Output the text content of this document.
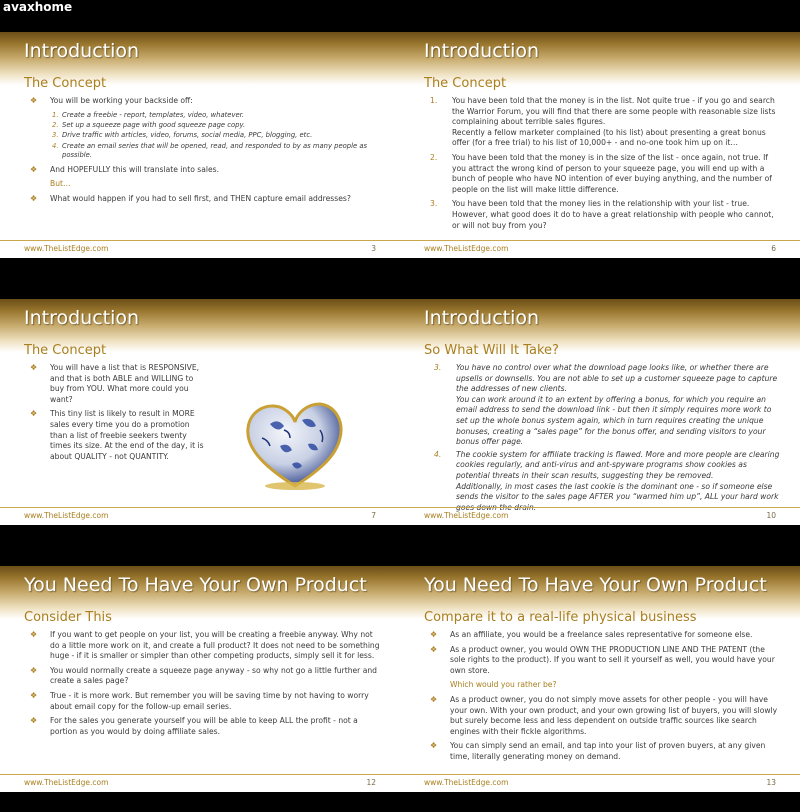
avaxhome
Introduction
The Concept
❖	You will be working your backside off:
1. Create a freebie - report, templates, video, whatever.
2. Set up a squeeze page with good squeeze page copy.
3. Drive traffic with articles, video, forums, social media, PPC, blogging, etc.
4. Create an email series that will be opened, read, and responded to by as many people as possible.
❖	And HOPEFULLY this will translate into sales.
But…
❖	What would happen if you had to sell first, and THEN capture email addresses?
www.TheListEdge.com	3
Introduction
The Concept
1.	You have been told that the money is in the list. Not quite true - if you go and search the Warrior Forum, you will find that there are some people with reasonable size lists complaining about terrible sales figures.
Recently a fellow marketer complained (to his list) about presenting a great bonus offer (for a free trial) to his list of 10,000+ - and no-one took him up on it…
2.	You have been told that the money is in the size of the list - once again, not true. If you attract the wrong kind of person to your squeeze page, you will end up with a bunch of people who have NO intention of ever buying anything, and the number of people on the list will make little difference.
3.	You have been told that the money lies in the relationship with your list - true. However, what good does it do to have a great relationship with people who cannot, or will not buy from you?
www.TheListEdge.com	6
Introduction
The Concept
❖	You will have a list that is RESPONSIVE, and that is both ABLE and WILLING to buy from YOU. What more could you want?
❖	This tiny list is likely to result in MORE sales every time you do a promotion than a list of freebie seekers twenty times its size. At the end of the day, it is about QUALITY - not QUANTITY.
www.TheListEdge.com	7
Introduction
So What Will It Take?
3.	You have no control over what the download page looks like, or whether there are upsells or downsells. You are not able to set up a customer squeeze page to capture the addresses of new clients.
You can work around it to an extent by offering a bonus, for which you require an email address to send the download link - but then it simply requires more work to set up the whole bonus system again, which in turn requires creating the unique bonuses, creating a “sales page” for the bonus offer, and sending visitors to your bonus offer page.
4.	The cookie system for affiliate tracking is flawed. More and more people are clearing cookies regularly, and anti-virus and ant-spyware programs show cookies as potential threats in their scan results, suggesting they be removed.
Additionally, in most cases the last cookie is the dominant one - so if someone else sends the visitor to the sales page AFTER you “warmed him up”, ALL your hard work goes down the drain.
www.TheListEdge.com	10
You Need To Have Your Own Product
Consider This
❖	If you want to get people on your list, you will be creating a freebie anyway. Why not do a little more work on it, and create a full product? It does not need to be something huge - if it is smaller or simpler than other competing products, simply sell it for less.
❖	You would normally create a squeeze page anyway - so why not go a little further and create a sales page?
❖	True - it is more work. But remember you will be saving time by not having to worry about email copy for the follow-up email series.
❖	For the sales you generate yourself you will be able to keep ALL the profit - not a portion as you would by doing affiliate sales.
www.TheListEdge.com	12
You Need To Have Your Own Product
Compare it to a real-life physical business
❖	As an affiliate, you would be a freelance sales representative for someone else.
❖	As a product owner, you would OWN THE PRODUCTION LINE AND THE PATENT (the sole rights to the product). If you want to sell it yourself as well, you would have your own store.
Which would you rather be?
❖	As a product owner, you do not simply move assets for other people - you will have your own. With your own product, and your own growing list of buyers, you will slowly but surely become less and less dependent on outside traffic sources like search engines with their fickle algorithms.
❖	You can simply send an email, and tap into your list of proven buyers, at any given time, literally generating money on demand.
www.TheListEdge.com	13
